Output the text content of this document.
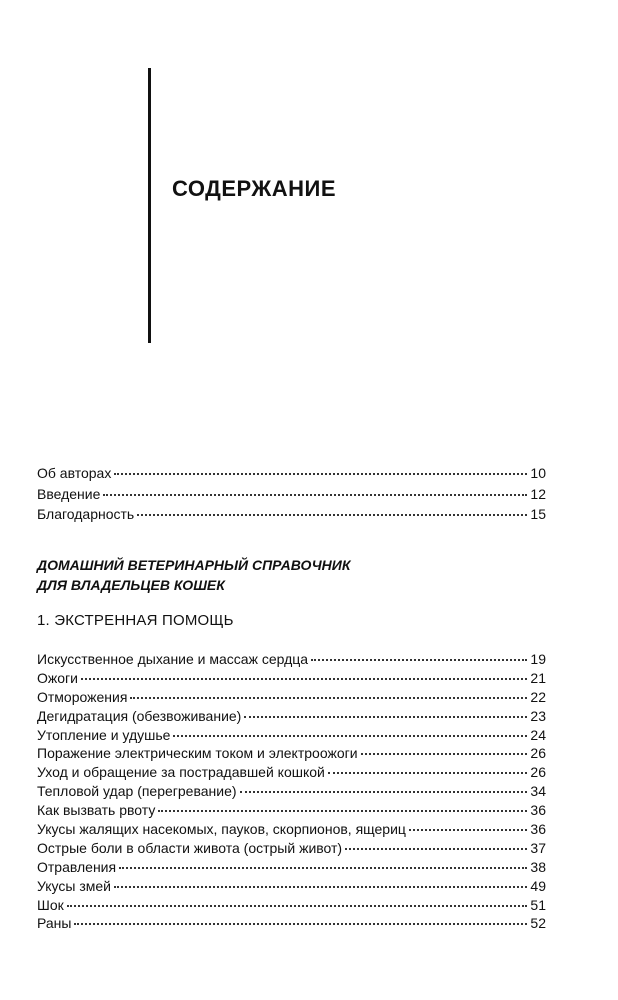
СОДЕРЖАНИЕ
Об авторах	10
Введение	12
Благодарность	15
ДОМАШНИЙ ВЕТЕРИНАРНЫЙ СПРАВОЧНИК
ДЛЯ ВЛАДЕЛЬЦЕВ КОШЕК
1. ЭКСТРЕННАЯ ПОМОЩЬ
Искусственное дыхание и массаж сердца	19
Ожоги	21
Отморожения	22
Дегидратация (обезвоживание)	23
Утопление и удушье	24
Поражение электрическим током и электроожоги	26
Уход и обращение за пострадавшей кошкой	26
Тепловой удар (перегревание)	34
Как вызвать рвоту	36
Укусы жалящих насекомых, пауков, скорпионов, ящериц	36
Острые боли в области живота (острый живот)	37
Отравления	38
Укусы змей	49
Шок	51
Раны	52
